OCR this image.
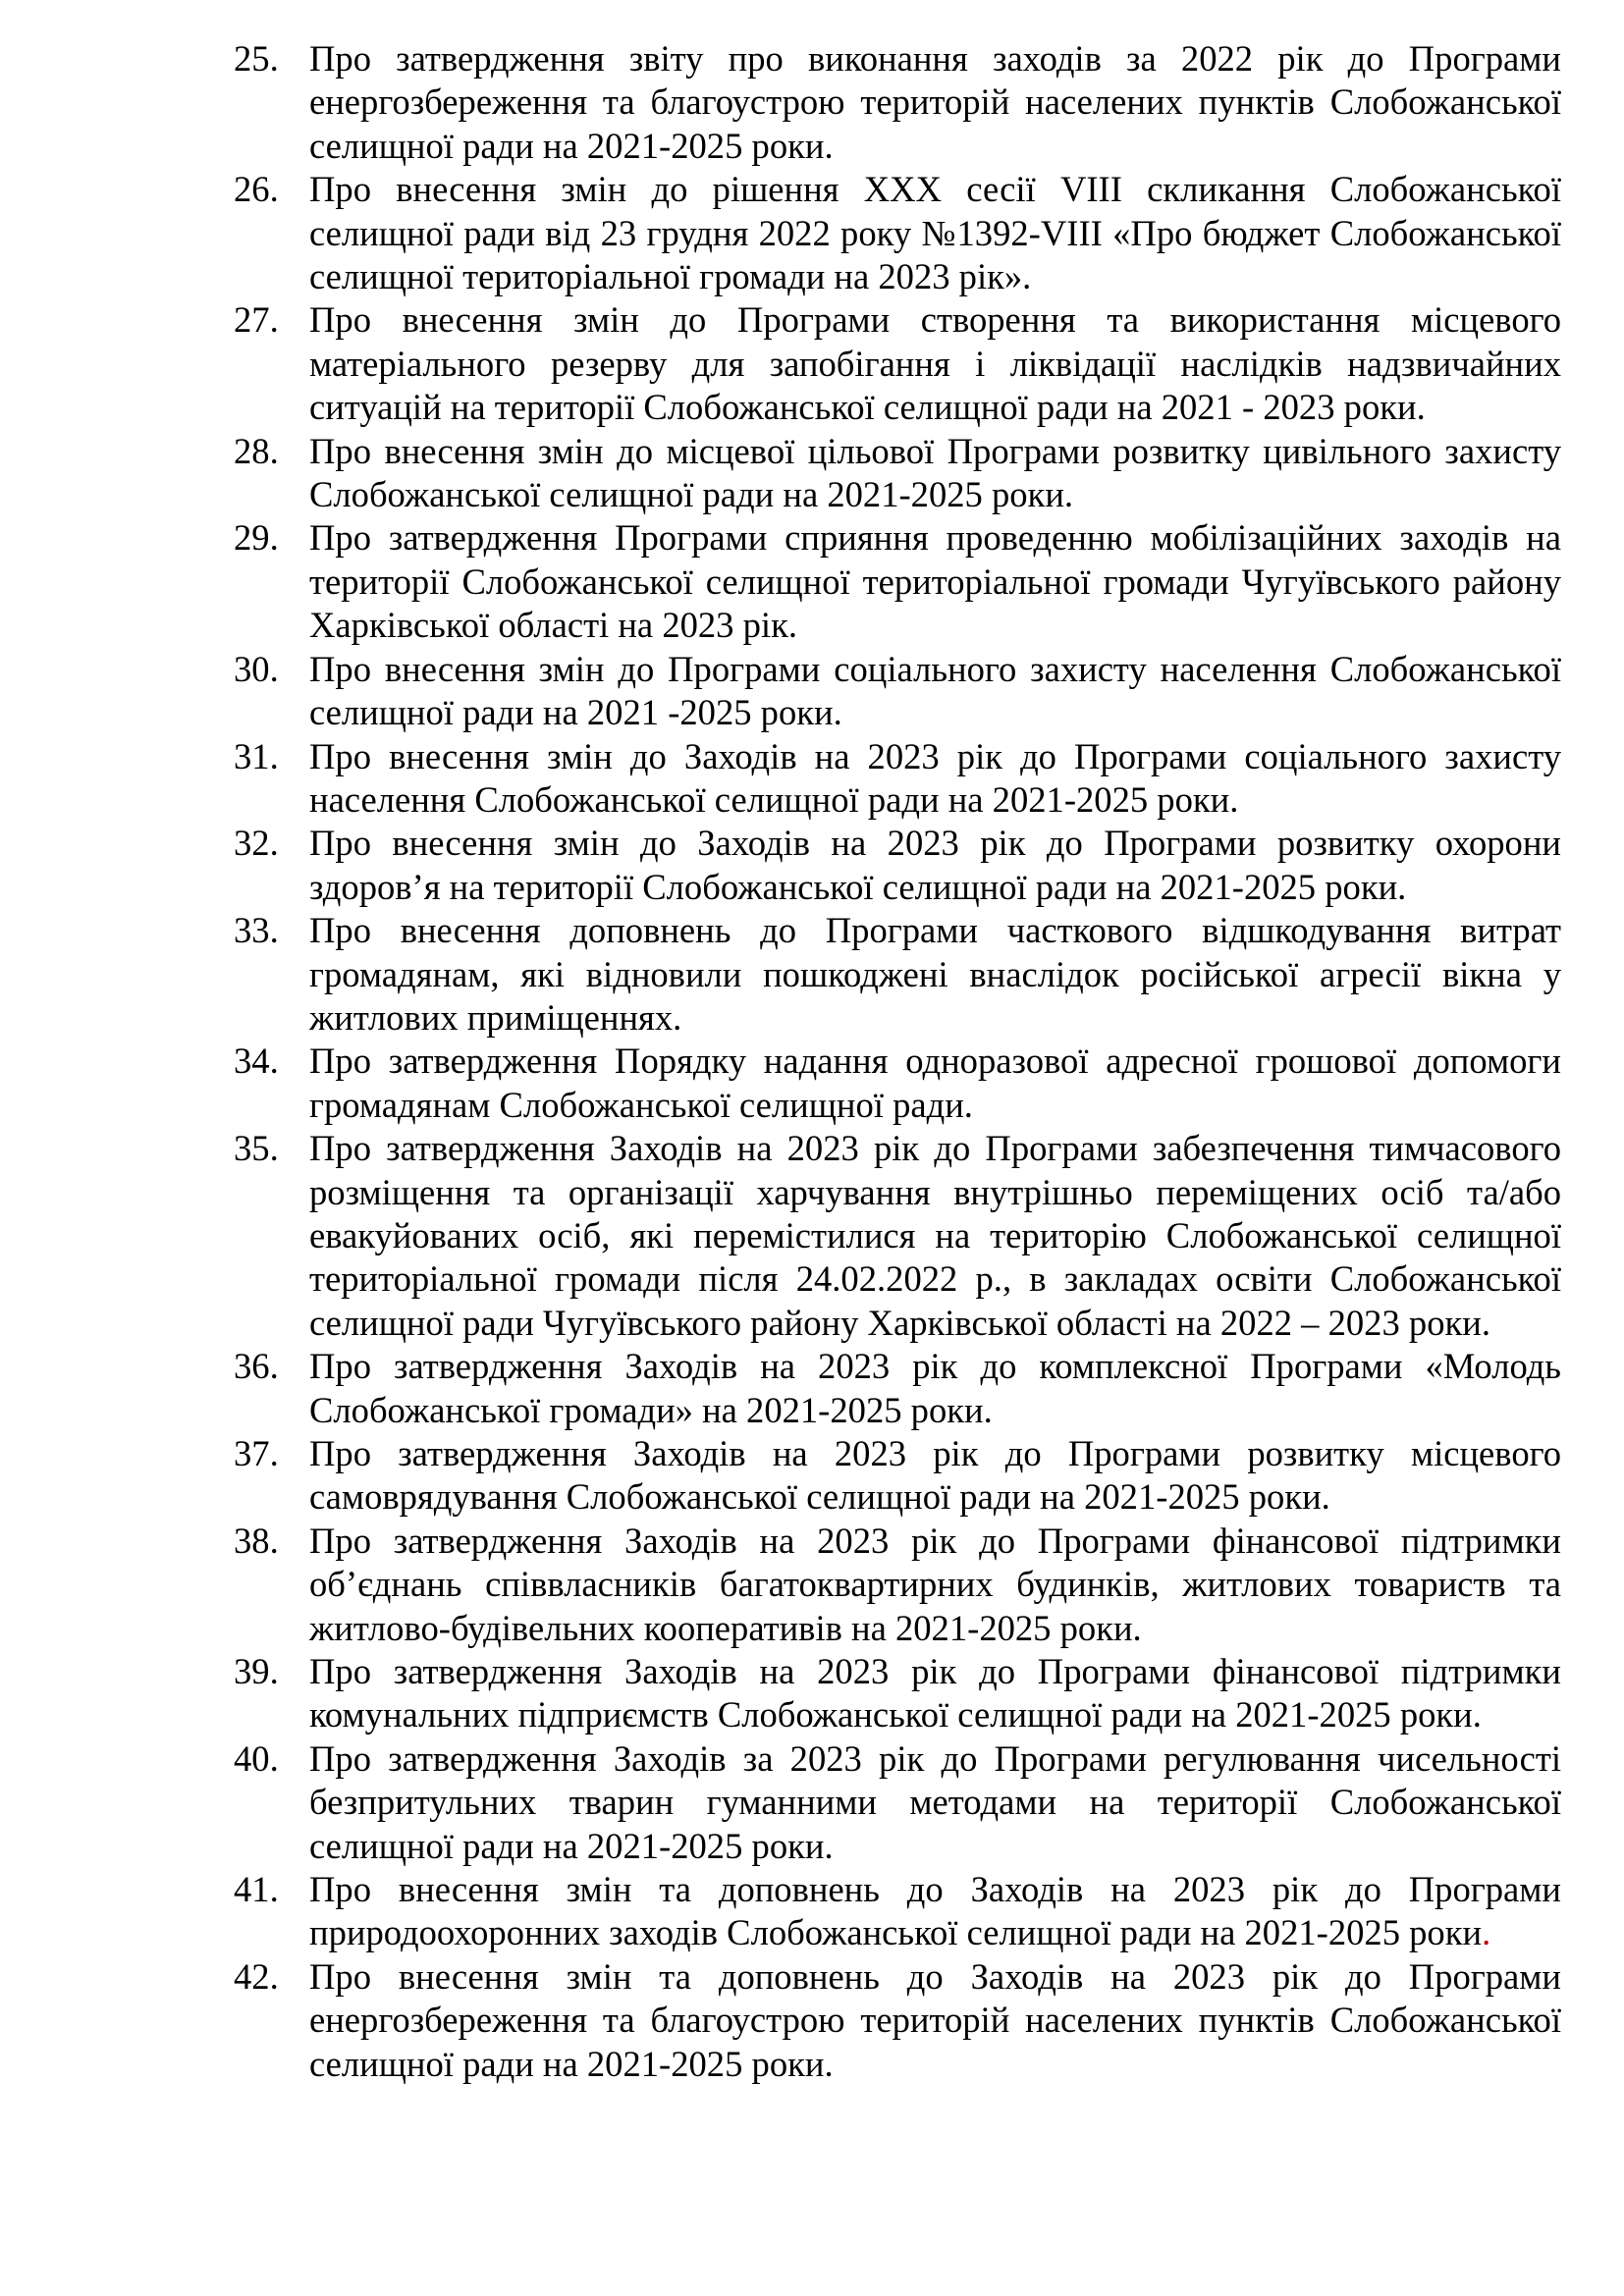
25. Про затвердження звіту про виконання заходів за 2022 рік до Програми енергозбереження та благоустрою територій населених пунктів Слобожанської селищної ради на 2021-2025 роки.
26. Про внесення змін до рішення XXX сесії VIII скликання Слобожанської селищної ради від 23 грудня 2022 року №1392-VIII «Про бюджет Слобожанської селищної територіальної громади на 2023 рік».
27. Про внесення змін до Програми створення та використання місцевого матеріального резерву для запобігання і ліквідації наслідків надзвичайних ситуацій на території Слобожанської селищної ради на 2021 - 2023 роки.
28. Про внесення змін до місцевої цільової Програми розвитку цивільного захисту Слобожанської селищної ради на 2021-2025 роки.
29. Про затвердження Програми сприяння проведенню мобілізаційних заходів на території Слобожанської селищної територіальної громади Чугуївського району Харківської області на 2023 рік.
30. Про внесення змін до Програми соціального захисту населення Слобожанської селищної ради на 2021 -2025 роки.
31. Про внесення змін до Заходів на 2023 рік до Програми соціального захисту населення Слобожанської селищної ради на 2021-2025 роки.
32. Про внесення змін до Заходів на 2023 рік до Програми розвитку охорони здоров’я на території Слобожанської селищної ради на 2021-2025 роки.
33. Про внесення доповнень до Програми часткового відшкодування витрат громадянам, які відновили пошкоджені внаслідок російської агресії вікна у житлових приміщеннях.
34. Про затвердження Порядку надання одноразової адресної грошової допомоги громадянам Слобожанської селищної ради.
35. Про затвердження Заходів на 2023 рік до Програми забезпечення тимчасового розміщення та організації харчування внутрішньо переміщених осіб та/або евакуйованих осіб, які перемістилися на територію Слобожанської селищної територіальної громади після 24.02.2022 р., в закладах освіти Слобожанської селищної ради Чугуївського району Харківської області на 2022 – 2023 роки.
36. Про затвердження Заходів на 2023 рік до комплексної Програми «Молодь Слобожанської громади» на 2021-2025 роки.
37. Про затвердження Заходів на 2023 рік до Програми розвитку місцевого самоврядування Слобожанської селищної ради на 2021-2025 роки.
38. Про затвердження Заходів на 2023 рік до Програми фінансової підтримки об’єднань співвласників багатоквартирних будинків, житлових товариств та житлово-будівельних кооперативів на 2021-2025 роки.
39. Про затвердження Заходів на 2023 рік до Програми фінансової підтримки комунальних підприємств Слобожанської селищної ради на 2021-2025 роки.
40. Про затвердження Заходів за 2023 рік до Програми регулювання чисельності безпритульних тварин гуманними методами на території Слобожанської селищної ради на 2021-2025 роки.
41. Про внесення змін та доповнень до Заходів на 2023 рік до Програми природоохоронних заходів Слобожанської селищної ради на 2021-2025 роки.
42. Про внесення змін та доповнень до Заходів на 2023 рік до Програми енергозбереження та благоустрою територій населених пунктів Слобожанської селищної ради на 2021-2025 роки.
